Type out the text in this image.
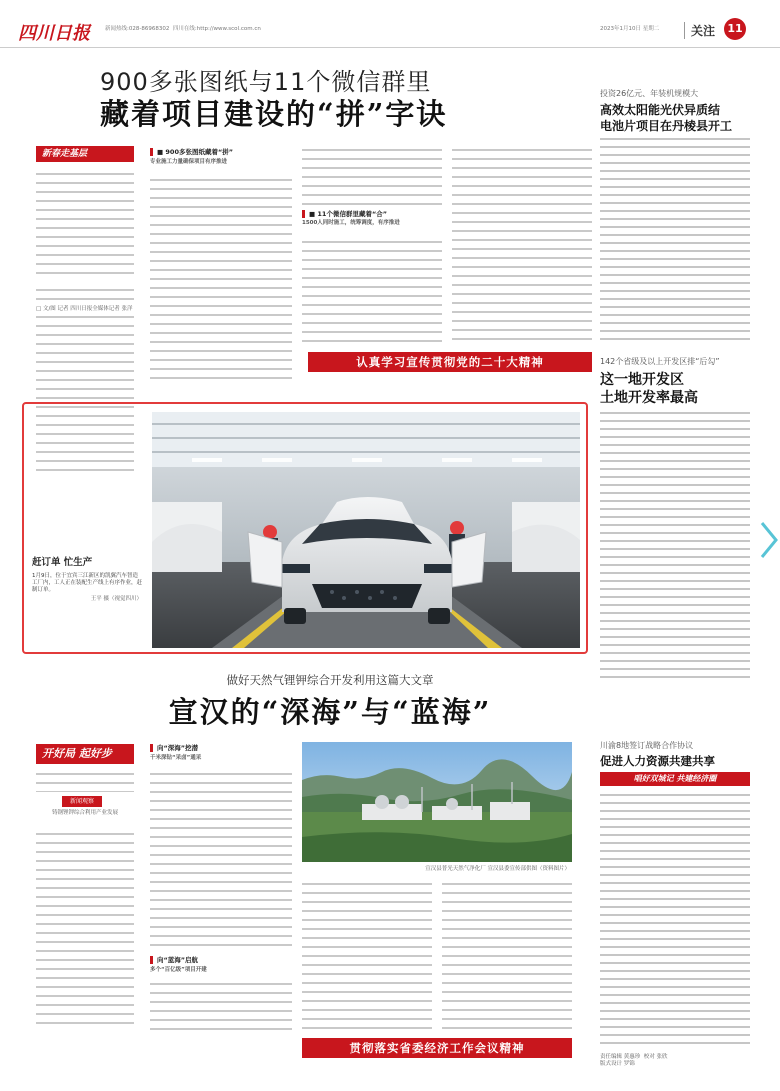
四川日报	新闻热线:028-86968302 四川在线:http://www.scol.com.cn	2023年1月10日 星期二	关注	11
900多张图纸与11个微信群里
藏着项目建设的“拼”字诀
新春走基层
□ 文/图 记者 四川日报全媒体记者 张洋
■ 900多张图纸藏着“拼”
专业施工力量确保项目有序推进
■ 11个微信群里藏着“合”
1500人同时施工，统筹调度，有序推进
认真学习宣传贯彻党的二十大精神
投资26亿元、年装机规模大
高效太阳能光伏异质结
电池片项目在丹棱县开工
142个省级及以上开发区排“后勾”
这一地开发区
土地开发率最高
赶订单 忙生产
1月9日，位于宜宾三江新区的凯翼汽车智造工厂内，工人正在装配生产线上有序作业，赶制订单。
王平 摄（视觉四川）
做好天然气锂钾综合开发利用这篇大文章
宣汉的“深海”与“蓝海”
开好局 起好步
新闻观察
铸钢锂钾综合利用产业发展
向“深海”挖潜
千米深钻“采卤”通采
向“蓝海”启航
多个“百亿级”项目开建
宣汉县普光天然气净化厂 宣汉县委宣传部供图（资料图片）
贯彻落实省委经济工作会议精神
川渝8地签订战略合作协议
促进人力资源共建共享
唱好双城记 共建经济圈
责任编辑 黄惠珍 校对 张欣
版式设计 罗锦
